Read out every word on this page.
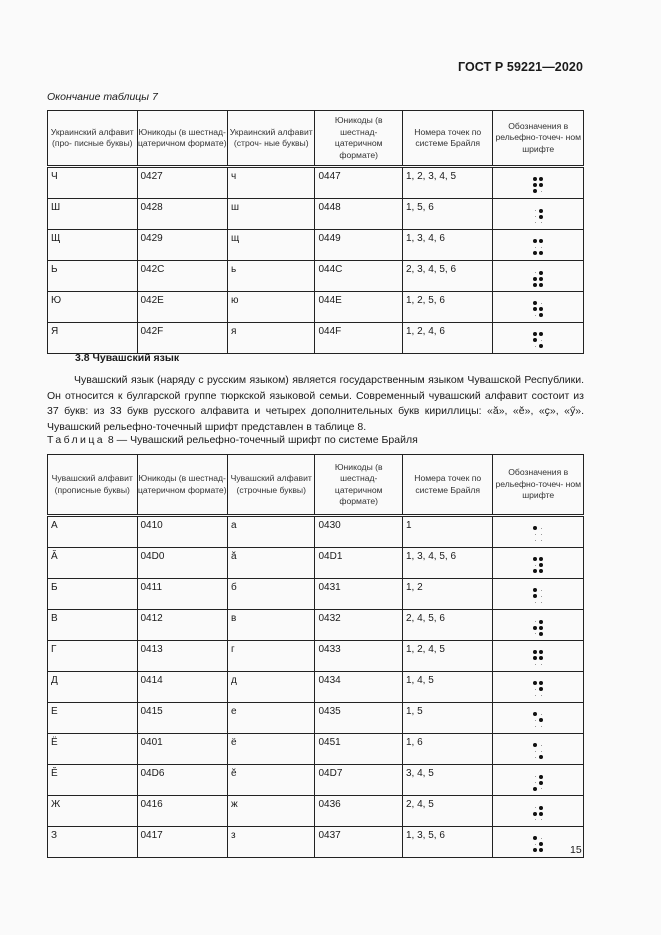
ГОСТ Р 59221—2020
Окончание таблицы 7
Украинский алфавит (про- писные буквы)	Юникоды (в шестнад- цатеричном формате)	Украинский алфавит (строч- ные буквы)	Юникоды (в шестнад- цатеричном формате)	Номера точек по системе Брайля	Обозначения в рельефно-точеч- ном шрифте
Ч	0427	ч	0447	1, 2, 3, 4, 5	

Ш	0428	ш	0448	1, 5, 6	

Щ	0429	щ	0449	1, 3, 4, 6	

Ь	042C	ь	044C	2, 3, 4, 5, 6	

Ю	042E	ю	044E	1, 2, 5, 6	

Я	042F	я	044F	1, 2, 4, 6	
3.8 Чувашский язык
Чувашский язык (наряду с русским языком) является государственным языком Чувашской Республики. Он относится к булгарской группе тюркской языковой семьи. Современный чувашский алфавит состоит из 37 букв: из 33 букв русского алфавита и четырех дополнительных букв кириллицы: «ӑ», «ӗ», «ҫ», «ӳ». Чувашский рельефно-точечный шрифт представлен в таблице 8.
Таблица 8 — Чувашский рельефно-точечный шрифт по системе Брайля
Чувашский алфавит (прописные буквы)	Юникоды (в шестнад- цатеричном формате)	Чувашский алфавит (строчные буквы)	Юникоды (в шестнад- цатеричном формате)	Номера точек по системе Брайля	Обозначения в рельефно-точеч- ном шрифте
А	0410	а	0430	1	

Ӑ	04D0	ӑ	04D1	1, 3, 4, 5, 6	

Б	0411	б	0431	1, 2	

В	0412	в	0432	2, 4, 5, 6	

Г	0413	г	0433	1, 2, 4, 5	

Д	0414	д	0434	1, 4, 5	

Е	0415	е	0435	1, 5	

Ё	0401	ё	0451	1, 6	

Ӗ	04D6	ӗ	04D7	3, 4, 5	

Ж	0416	ж	0436	2, 4, 5	

З	0417	з	0437	1, 3, 5, 6	
15
